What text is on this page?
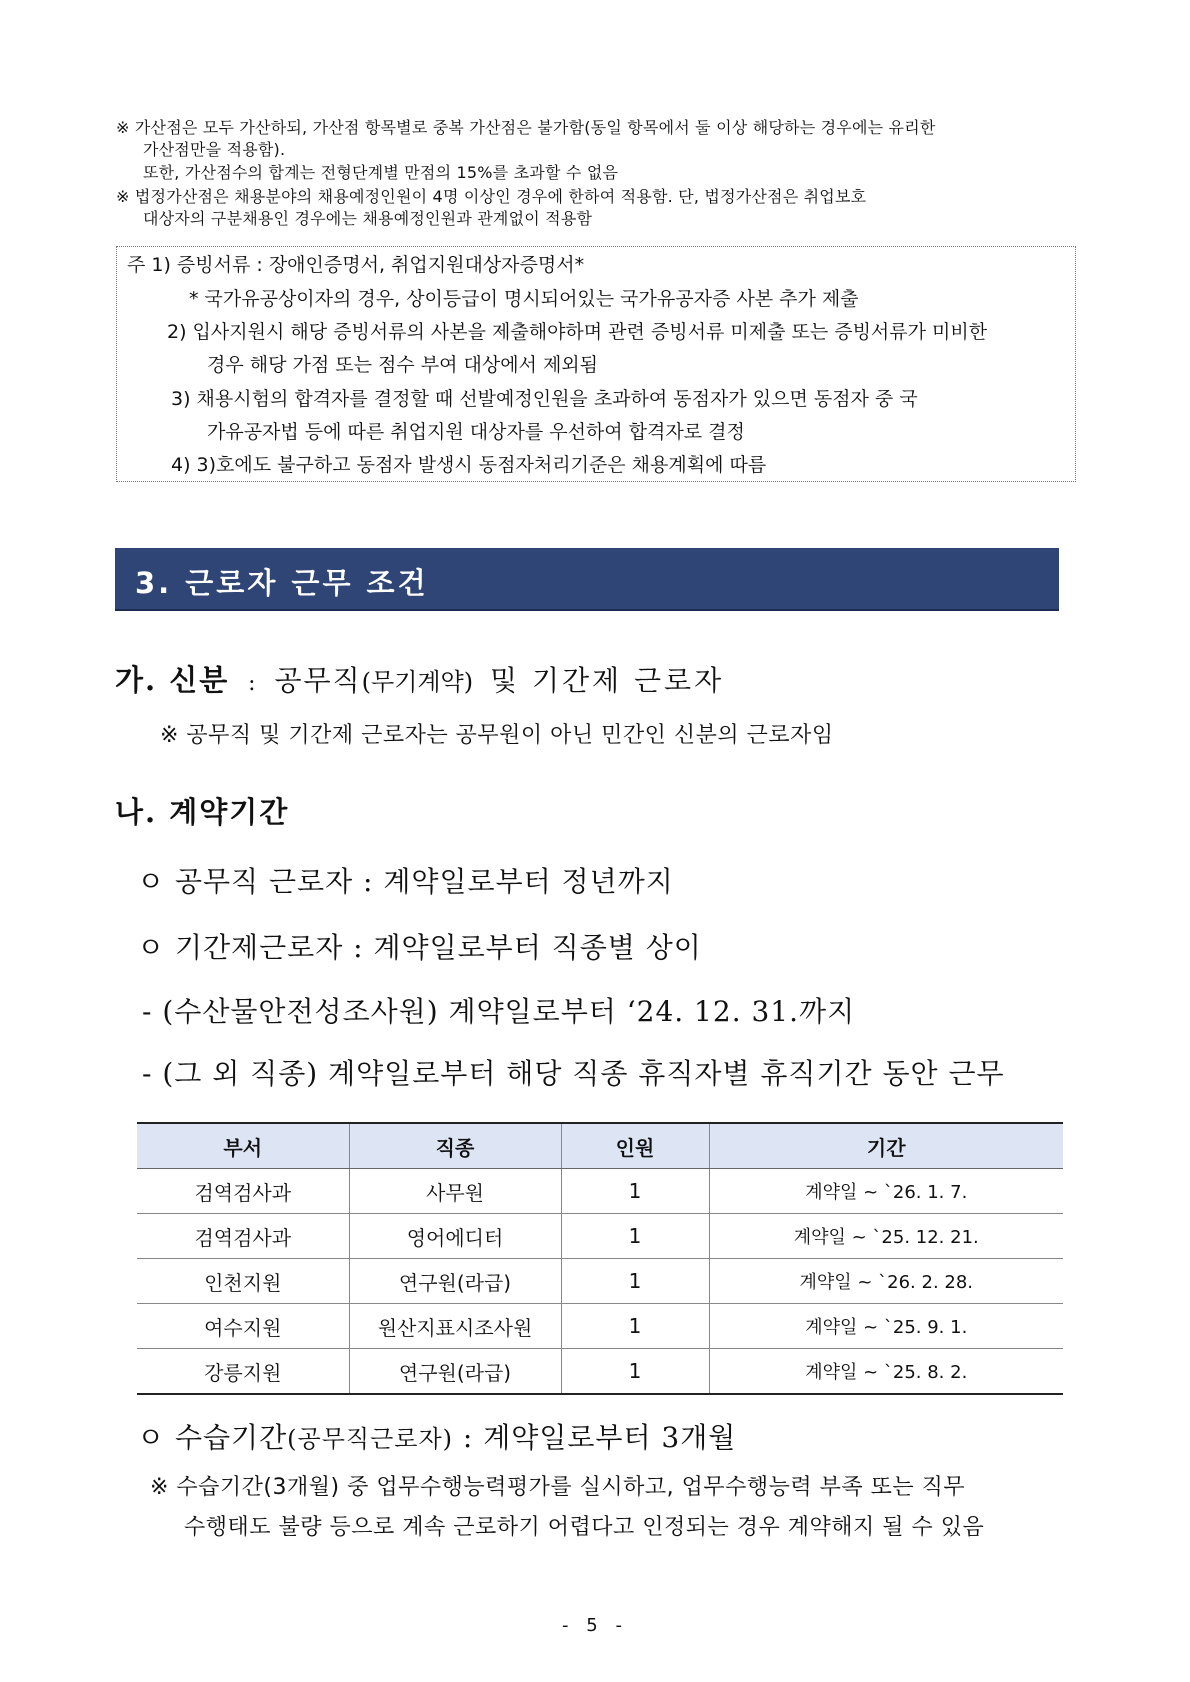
※ 가산점은 모두 가산하되, 가산점 항목별로 중복 가산점은 불가함(동일 항목에서 둘 이상 해당하는 경우에는 유리한
가산점만을 적용함).
또한, 가산점수의 합계는 전형단계별 만점의 15%를 초과할 수 없음
※ 법정가산점은 채용분야의 채용예정인원이 4명 이상인 경우에 한하여 적용함. 단, 법정가산점은 취업보호
대상자의 구분채용인 경우에는 채용예정인원과 관계없이 적용함
주 1) 증빙서류 : 장애인증명서, 취업지원대상자증명서*
* 국가유공상이자의 경우, 상이등급이 명시되어있는 국가유공자증 사본 추가 제출
2) 입사지원시 해당 증빙서류의 사본을 제출해야하며 관련 증빙서류 미제출 또는 증빙서류가 미비한
경우 해당 가점 또는 점수 부여 대상에서 제외됨
3) 채용시험의 합격자를 결정할 때 선발예정인원을 초과하여 동점자가 있으면 동점자 중 국
가유공자법 등에 따른 취업지원 대상자를 우선하여 합격자로 결정
4) 3)호에도 불구하고 동점자 발생시 동점자처리기준은 채용계획에 따름
3. 근로자 근무 조건
가. 신분 : 공무직(무기계약) 및 기간제 근로자
※ 공무직 및 기간제 근로자는 공무원이 아닌 민간인 신분의 근로자임
나. 계약기간
ㅇ 공무직 근로자 : 계약일로부터 정년까지
ㅇ 기간제근로자 : 계약일로부터 직종별 상이
- (수산물안전성조사원) 계약일로부터 ‘24. 12. 31.까지
- (그 외 직종) 계약일로부터 해당 직종 휴직자별 휴직기간 동안 근무
부서	직종	인원	기간
검역검사과	사무원	1	계약일 ~ `26. 1. 7.
검역검사과	영어에디터	1	계약일 ~ `25. 12. 21.
인천지원	연구원(라급)	1	계약일 ~ `26. 2. 28.
여수지원	원산지표시조사원	1	계약일 ~ `25. 9. 1.
강릉지원	연구원(라급)	1	계약일 ~ `25. 8. 2.
ㅇ 수습기간(공무직근로자) : 계약일로부터 3개월
※ 수습기간(3개월) 중 업무수행능력평가를 실시하고, 업무수행능력 부족 또는 직무
수행태도 불량 등으로 계속 근로하기 어렵다고 인정되는 경우 계약해지 될 수 있음
- 5 -
